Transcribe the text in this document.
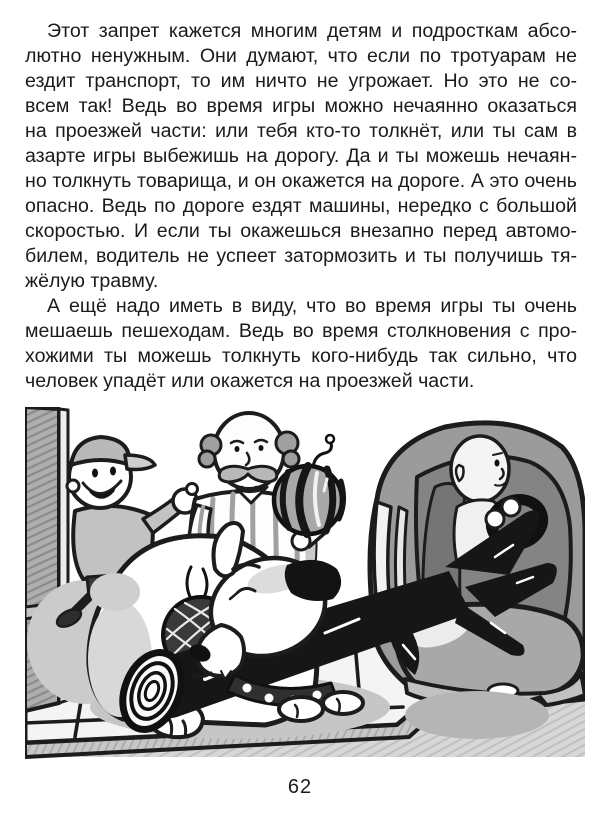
Этот запрет кажется многим детям и подросткам абсо-
лютно ненужным. Они думают, что если по тротуарам не
ездит транспорт, то им ничто не угрожает. Но это не со-
всем так! Ведь во время игры можно нечаянно оказаться
на проезжей части: или тебя кто-то толкнёт, или ты сам в
азарте игры выбежишь на дорогу. Да и ты можешь нечаян-
но толкнуть товарища, и он окажется на дороге. А это очень
опасно. Ведь по дороге ездят машины, нередко с большой
скоростью. И если ты окажешься внезапно перед автомо-
билем, водитель не успеет затормозить и ты получишь тя-
жёлую травму.

А ещё надо иметь в виду, что во время игры ты очень
мешаешь пешеходам. Ведь во время столкновения с про-
хожими ты можешь толкнуть кого-нибудь так сильно, что
человек упадёт или окажется на проезжей части.

62
